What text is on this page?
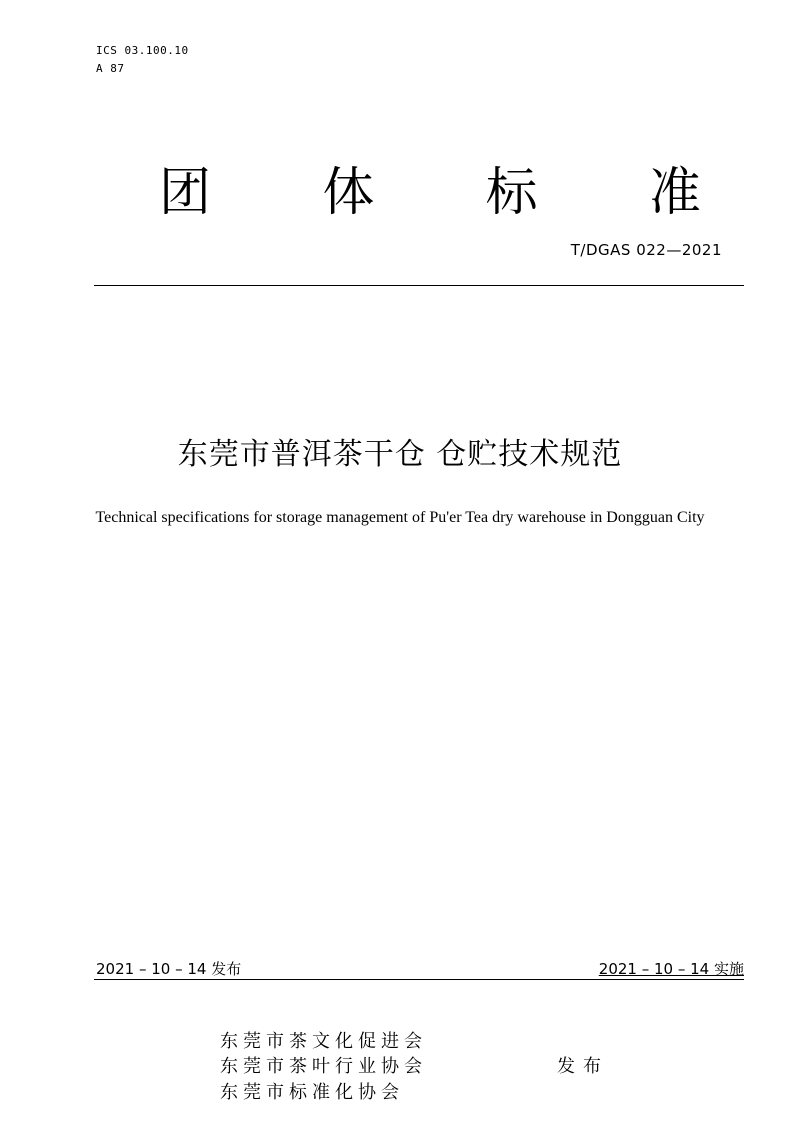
ICS 03.100.10
A 87
团 体 标 准
T/DGAS 022—2021
东莞市普洱茶干仓 仓贮技术规范
Technical specifications for storage management of Pu'er Tea dry warehouse in Dongguan City
2021 – 10 – 14 发布	2021 – 10 – 14 实施
东莞市茶文化促进会
东莞市茶叶行业协会
东莞市标准化协会
发布
